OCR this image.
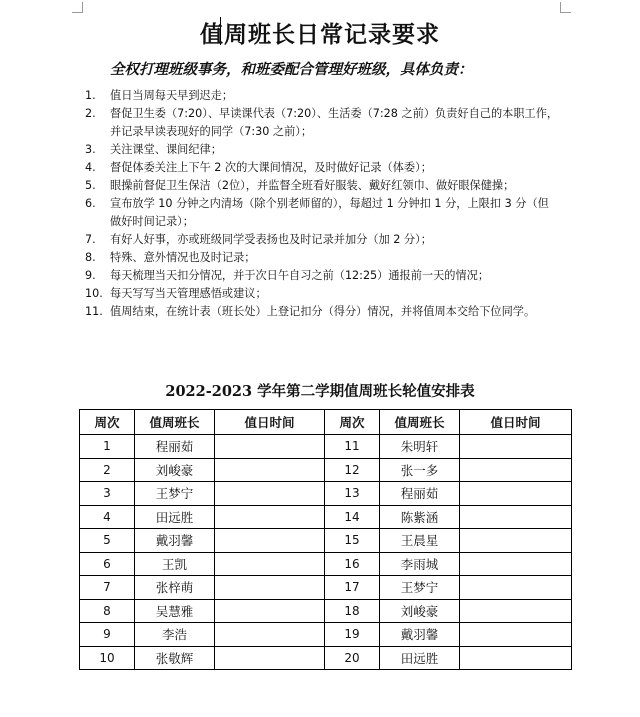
值周班长日常记录要求
全权打理班级事务，和班委配合管理好班级，具体负责：
1. 值日当周每天早到迟走；
2. 督促卫生委（7:20）、早读课代表（7:20）、生活委（7:28 之前）负责好自己的本职工作，
并记录早读表现好的同学（7:30 之前）；
3. 关注课堂、课间纪律；
4. 督促体委关注上下午 2 次的大课间情况，及时做好记录（体委）；
5. 眼操前督促卫生保洁（2位），并监督全班看好服装、戴好红领巾、做好眼保健操；
6. 宣布放学 10 分钟之内清场（除个别老师留的），每超过 1 分钟扣 1 分，上限扣 3 分（但
做好时间记录）；
7. 有好人好事，亦或班级同学受表扬也及时记录并加分（加 2 分）；
8. 特殊、意外情况也及时记录；
9. 每天梳理当天扣分情况，并于次日午自习之前（12:25）通报前一天的情况；
10. 每天写写当天管理感悟或建议；
11. 值周结束，在统计表（班长处）上登记扣分（得分）情况，并将值周本交给下位同学。
2022-2023 学年第二学期值周班长轮值安排表
周次	值周班长	值日时间	周次	值周班长	值日时间
1	程丽茹		11	朱明轩	
2	刘峻豪		12	张一多	
3	王梦宁		13	程丽茹	
4	田远胜		14	陈紫涵	
5	戴羽馨		15	王晨星	
6	王凯		16	李雨城	
7	张梓萌		17	王梦宁	
8	吴慧雅		18	刘峻豪	
9	李浩		19	戴羽馨	
10	张敬辉		20	田远胜	
